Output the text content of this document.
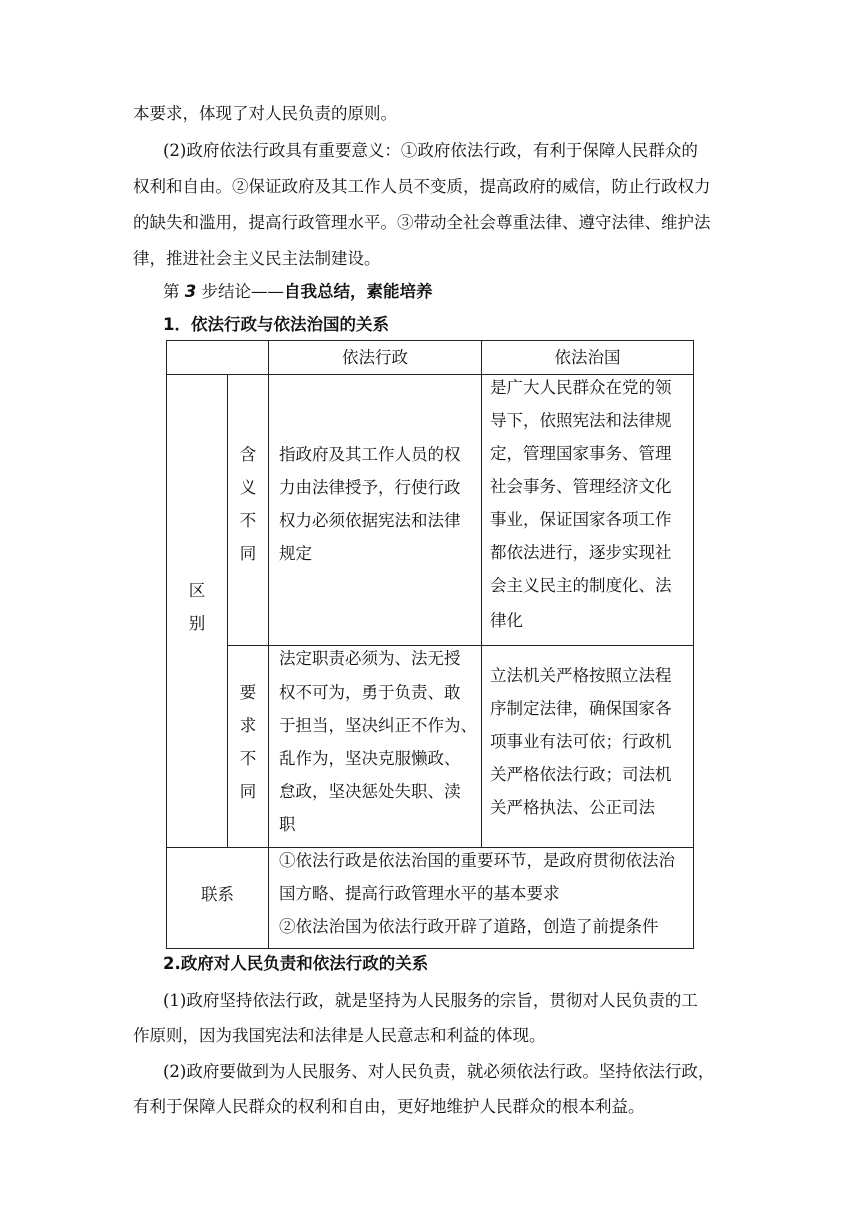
本要求，体现了对人民负责的原则。
(2)政府依法行政具有重要意义：①政府依法行政，有利于保障人民群众的
权利和自由。②保证政府及其工作人员不变质，提高政府的威信，防止行政权力
的缺失和滥用，提高行政管理水平。③带动全社会尊重法律、遵守法律、维护法
律，推进社会主义民主法制建设。
第 3 步结论——自我总结，素能培养
1．依法行政与依法治国的关系
依法行政	依法治国
区
别
含
义
不
同
指政府及其工作人员的权
力由法律授予，行使行政
权力必须依据宪法和法律
规定
是广大人民群众在党的领
导下，依照宪法和法律规
定，管理国家事务、管理
社会事务、管理经济文化
事业，保证国家各项工作
都依法进行，逐步实现社
会主义民主的制度化、法
律化
要
求
不
同
法定职责必须为、法无授
权不可为，勇于负责、敢
于担当，坚决纠正不作为、
乱作为，坚决克服懒政、
怠政，坚决惩处失职、渎
职
立法机关严格按照立法程
序制定法律，确保国家各
项事业有法可依；行政机
关严格依法行政；司法机
关严格执法、公正司法
联系
①依法行政是依法治国的重要环节，是政府贯彻依法治
国方略、提高行政管理水平的基本要求
②依法治国为依法行政开辟了道路，创造了前提条件
2.政府对人民负责和依法行政的关系
(1)政府坚持依法行政，就是坚持为人民服务的宗旨，贯彻对人民负责的工
作原则，因为我国宪法和法律是人民意志和利益的体现。
(2)政府要做到为人民服务、对人民负责，就必须依法行政。坚持依法行政，
有利于保障人民群众的权利和自由，更好地维护人民群众的根本利益。
